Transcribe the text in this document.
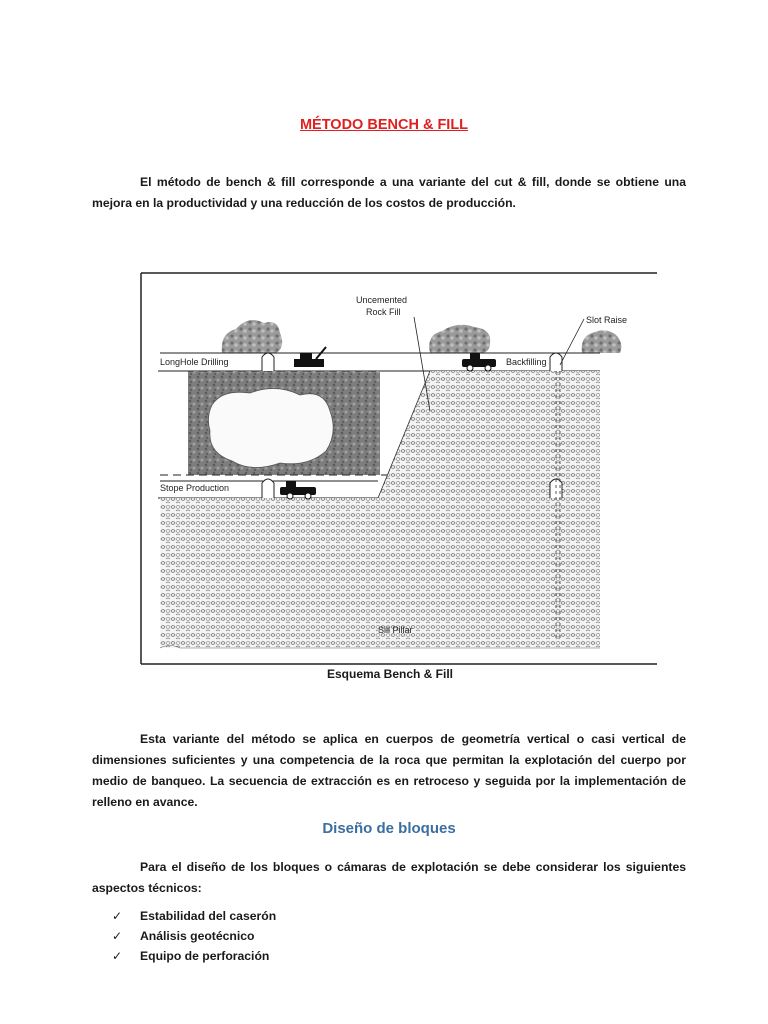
MÉTODO BENCH & FILL

El método de bench & fill corresponde a una variante del cut & fill, donde se obtiene una mejora en la productividad y una reducción de los costos de producción.

Uncemented
Rock Fill
Slot Raise
LongHole Drilling	Backfilling
Stope Production
Sill Pillar
Esquema Bench & Fill

Esta variante del método se aplica en cuerpos de geometría vertical o casi vertical de dimensiones suficientes y una competencia de la roca que permitan la explotación del cuerpo por medio de banqueo. La secuencia de extracción es en retroceso y seguida por la implementación de relleno en avance.

Diseño de bloques

Para el diseño de los bloques o cámaras de explotación se debe considerar los siguientes aspectos técnicos:

✓	Estabilidad del caserón
✓	Análisis geotécnico
✓	Equipo de perforación
